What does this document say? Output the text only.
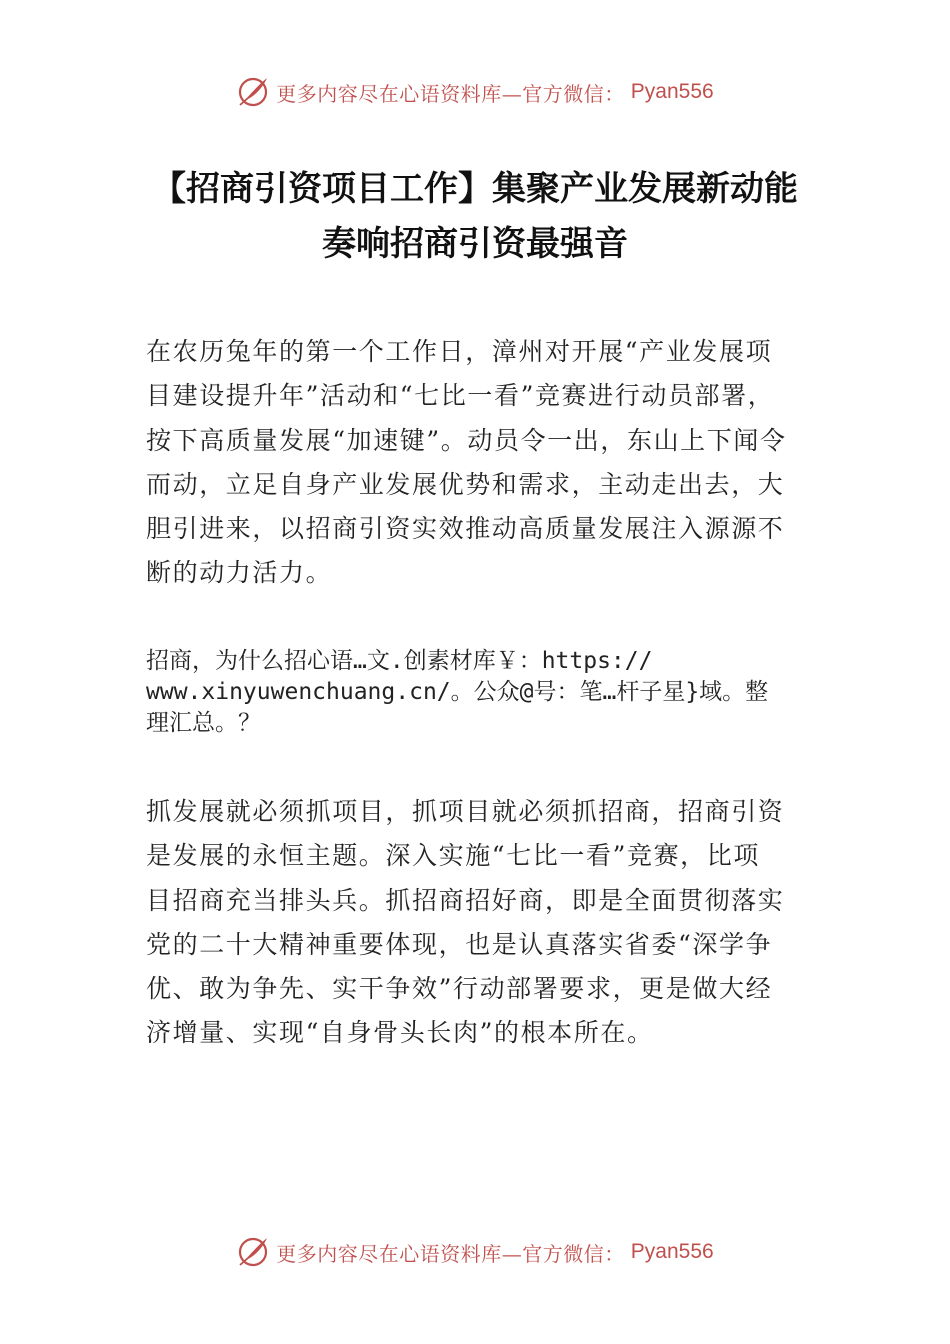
更多内容尽在心语资料库—官方微信： Pyan556
【招商引资项目工作】集聚产业发展新动能
奏响招商引资最强音
在农历兔年的第一个工作日，漳州对开展“产业发展项
目建设提升年”活动和“七比一看”竞赛进行动员部署，
按下高质量发展“加速键”。动员令一出，东山上下闻令
而动，立足自身产业发展优势和需求，主动走出去，大
胆引进来，以招商引资实效推动高质量发展注入源源不
断的动力活力。
招商，为什么招心语…文.创素材库￥：https://
www.xinyuwenchuang.cn/。公众@号：笔…杆子星}域。整
理汇总。？
抓发展就必须抓项目，抓项目就必须抓招商，招商引资
是发展的永恒主题。深入实施“七比一看”竞赛，比项
目招商充当排头兵。抓招商招好商，即是全面贯彻落实
党的二十大精神重要体现，也是认真落实省委“深学争
优、敢为争先、实干争效”行动部署要求，更是做大经
济增量、实现“自身骨头长肉”的根本所在。
更多内容尽在心语资料库—官方微信： Pyan556
